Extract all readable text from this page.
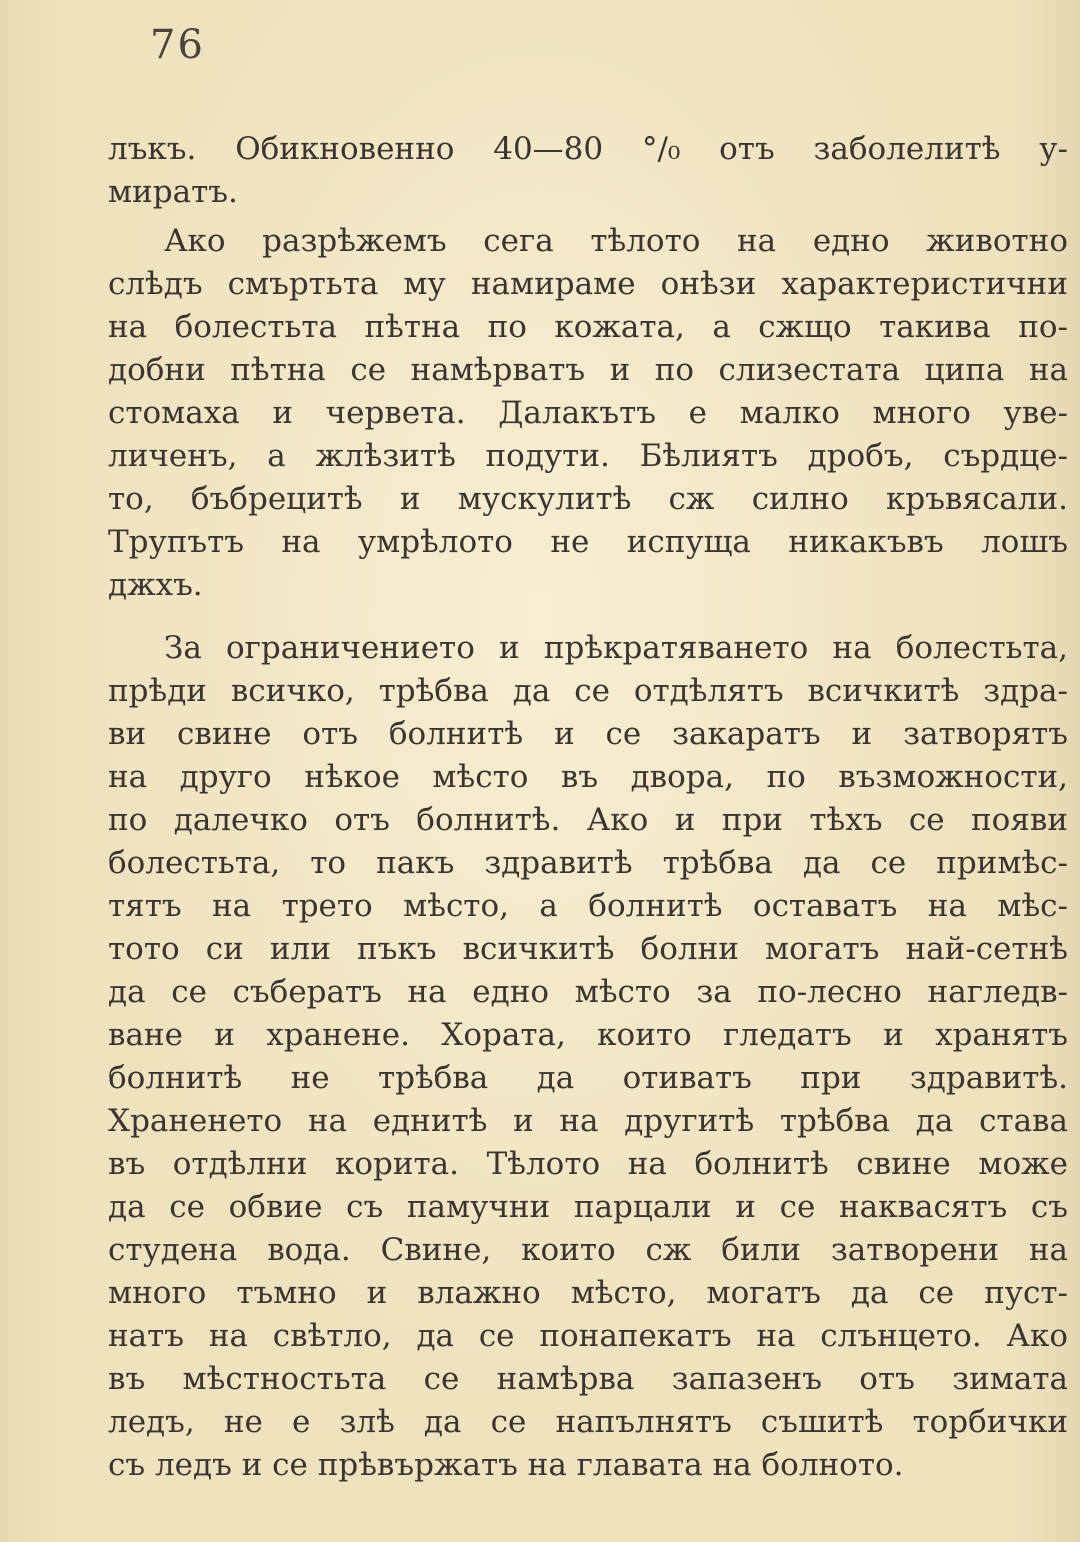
76
лъкъ. Обикновенно 40—80 °/₀ отъ заболелитѣ у-
миратъ.
Ако разрѣжемъ сега тѣлото на едно животно
слѣдъ смъртьта му намираме онѣзи характеристични
на болестьта пѣтна по кожата, а сжщо такива по-
добни пѣтна се намѣрватъ и по слизестата ципа на
стомаха и червета. Далакътъ е малко много уве-
личенъ, а жлѣзитѣ подути. Бѣлиятъ дробъ, сърдце-
то, бъбрецитѣ и мускулитѣ сж силно кръвясали.
Трупътъ на умрѣлото не испуща никакъвъ лошъ
джхъ.
За ограничението и прѣкратяването на болестьта,
прѣди всичко, трѣбва да се отдѣлятъ всичкитѣ здра-
ви свине отъ болнитѣ и се закаратъ и затворятъ
на друго нѣкое мѣсто въ двора, по възможности,
по далечко отъ болнитѣ. Ако и при тѣхъ се появи
болестьта, то пакъ здравитѣ трѣбва да се примѣс-
тятъ на трето мѣсто, а болнитѣ оставатъ на мѣс-
тото си или пъкъ всичкитѣ болни могатъ най-сетнѣ
да се събератъ на едно мѣсто за по-лесно нагледв-
ване и хранене. Хората, които гледатъ и хранятъ
болнитѣ не трѣбва да отиватъ при здравитѣ.
Храненето на еднитѣ и на другитѣ трѣбва да става
въ отдѣлни корита. Тѣлото на болнитѣ свине може
да се обвие съ памучни парцали и се наквасятъ съ
студена вода. Свине, които сж били затворени на
много тъмно и влажно мѣсто, могатъ да се пуст-
натъ на свѣтло, да се понапекатъ на слънцето. Ако
въ мѣстностьта се намѣрва запазенъ отъ зимата
ледъ, не е злѣ да се напълнятъ съшитѣ торбички
съ ледъ и се прѣвържатъ на главата на болното.
